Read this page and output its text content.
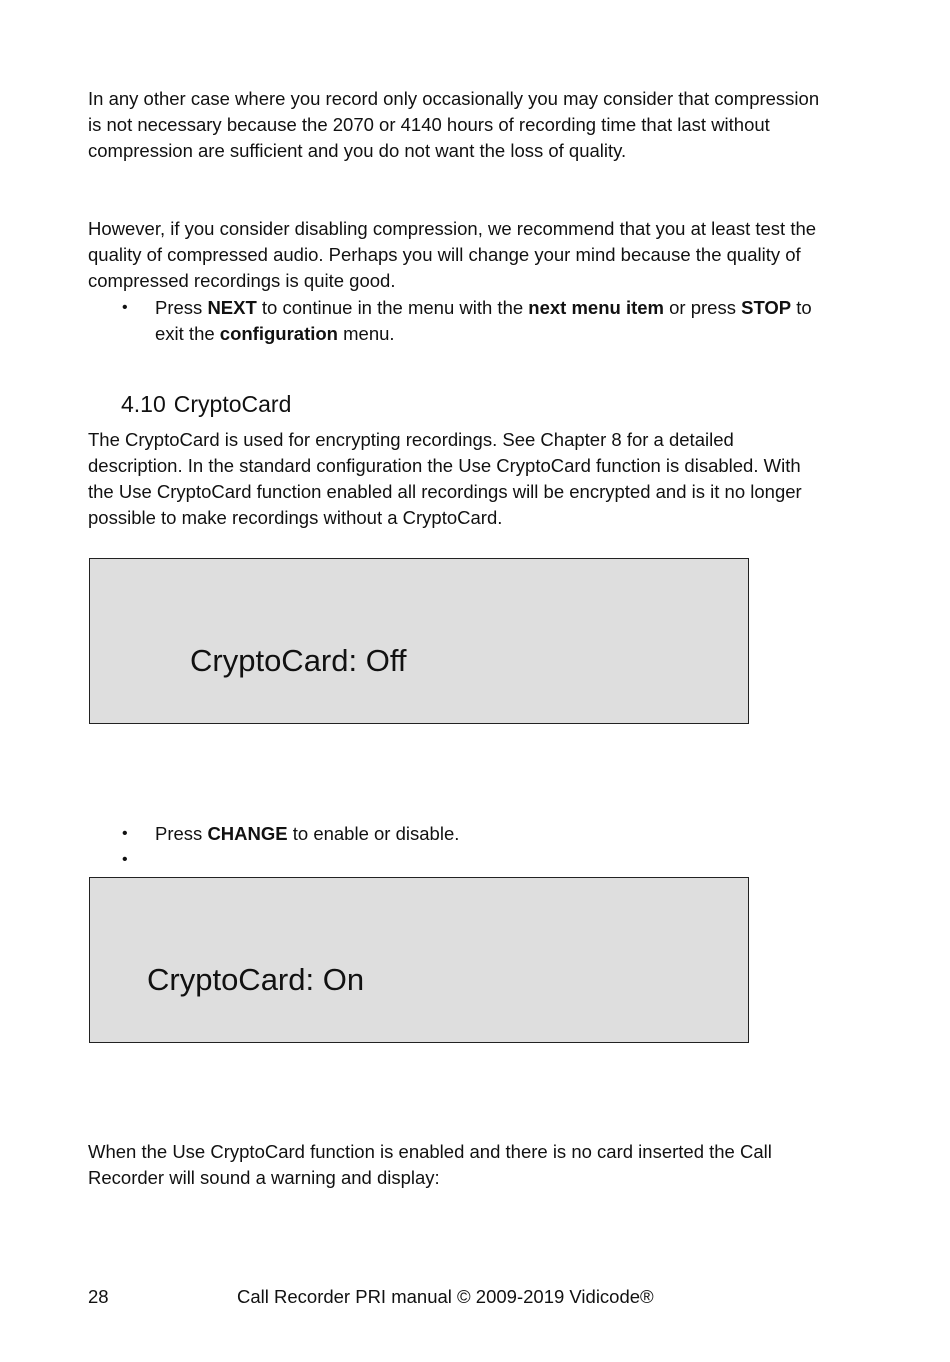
In any other case where you record only occasionally you may consider that compression is not necessary because the 2070 or 4140 hours of recording time that last without compression are sufficient and you do not want the loss of quality.

However, if you consider disabling compression, we recommend that you at least test the quality of compressed audio. Perhaps you will change your mind because the quality of compressed recordings is quite good.

• Press NEXT to continue in the menu with the next menu item or press STOP to exit the configuration menu.
4.10 CryptoCard

The CryptoCard is used for encrypting recordings. See Chapter 8 for a detailed description. In the standard configuration the Use CryptoCard function is disabled. With the Use CryptoCard function enabled all recordings will be encrypted and is it no longer possible to make recordings without a CryptoCard.

CryptoCard: Off
• Press CHANGE to enable or disable.
•
CryptoCard: On

When the Use CryptoCard function is enabled and there is no card inserted the Call Recorder will sound a warning and display:

28	Call Recorder PRI manual © 2009-2019 Vidicode®
